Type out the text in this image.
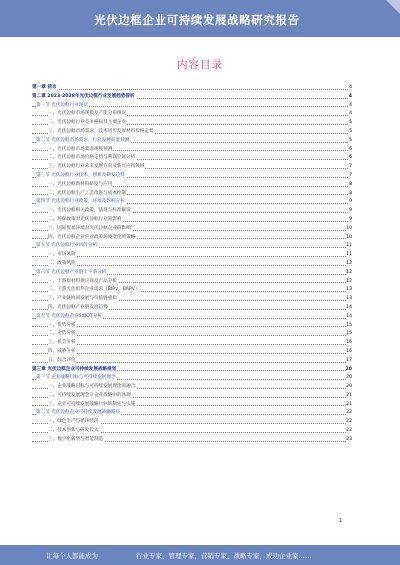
光伏边框企业可持续发展战略研究报告
内容目录
第一章 前言	4
第二章 2023-2028年光伏边框行业发展趋势探析	4
第一节 光伏边框行业现状	4
一、光伏边框市场规模及产能分布情况	4
二、光伏边框行业竞争格局及主要企业	5
三、光伏边框市场需求，技术进步及原材料价格走势	5
第二节 光伏边框市场需求，行业发展前景预测	5
一、光伏边框市场需求规模预测	6
二、光伏边框市场价格走势与利润空间分析	6
三、光伏边框行业未来发展方向及新兴应用领域	7
第三节 光伏边框行业技术，创新及研发趋势	7
一、光伏边框新材料研发与应用	8
二、光伏边框生产工艺改进与成本控制	8
第四节 光伏边框行业政策，环境及影响分析	9
一、光伏边框相关政策，法规与标准解读	9
二、环保政策对光伏边框行业的影响	9
三、国际贸易环境对光伏边框企业的影响	10
四、光伏边框企业应对政策环境变化的策略	10
第五节 光伏边框行业风险分析	11
一、市场风险	11
二、政策风险	12
第六节 光伏边框产业链上下游分析	12
一、上游原材料供应商及产品分析	12
二、下游光伏组件企业需求（BIPV，BAPV）	13
三、产业链协同发展与价值链重构	13
四、光伏边框产业链发展趋势	14
第七节 光伏边框企业SWOT分析	14
一、优势分析	15
二、劣势分析	15
三、机会分析	16
四、威胁分析	16
五、综合评价	17
第三章 光伏边框企业可持续发展战略规划	20
第一节 企业战略目标与可持续发展理念	20
一、企业战略目标与可持续发展理念的融合	20
二、可持续发展理念在企业战略中的体现	21
三、企业可持续发展战略目标的制定与实施	21
第二节 光伏边框企业可持续发展战略路径	22
一、绿色生产与循环经济	22
二、技术创新与研发投入	22
三、数字化转型与智能制造	23
1
让每个人都能成为	行业专家，管理专家，营销专家，战略专家，成功企业家……
